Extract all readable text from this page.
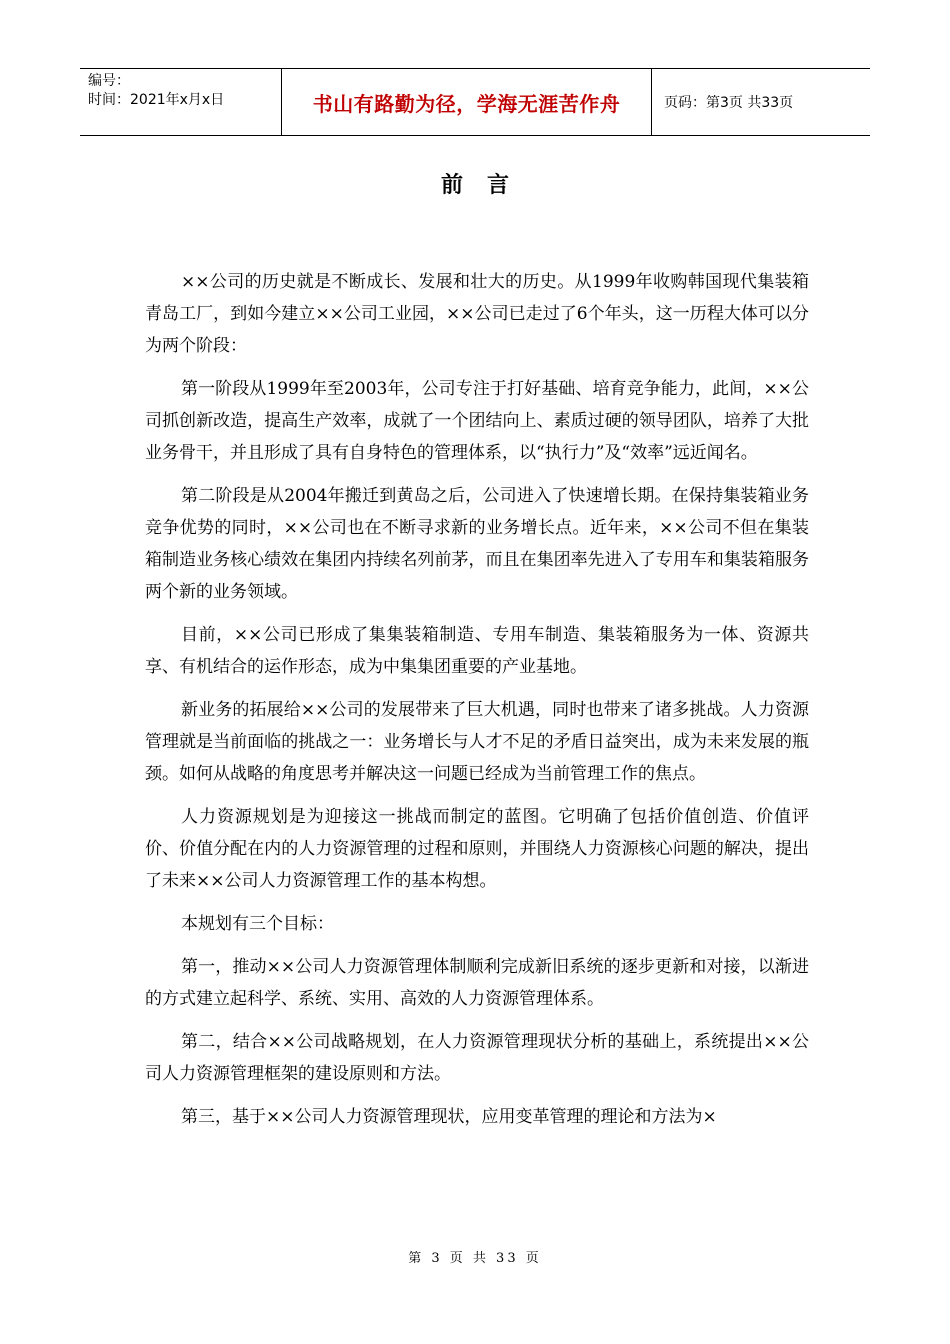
编号：
时间：2021年x月x日	书山有路勤为径，学海无涯苦作舟	页码：第3页 共33页
前言

××公司的历史就是不断成长、发展和壮大的历史。从1999年收购韩国现代集装箱青岛工厂，到如今建立××公司工业园，××公司已走过了6个年头，这一历程大体可以分为两个阶段：

第一阶段从1999年至2003年，公司专注于打好基础、培育竞争能力，此间，××公司抓创新改造，提高生产效率，成就了一个团结向上、素质过硬的领导团队，培养了大批业务骨干，并且形成了具有自身特色的管理体系，以“执行力”及“效率”远近闻名。

第二阶段是从2004年搬迁到黄岛之后，公司进入了快速增长期。在保持集装箱业务竞争优势的同时，××公司也在不断寻求新的业务增长点。近年来，××公司不但在集装箱制造业务核心绩效在集团内持续名列前茅，而且在集团率先进入了专用车和集装箱服务两个新的业务领域。

目前，××公司已形成了集集装箱制造、专用车制造、集装箱服务为一体、资源共享、有机结合的运作形态，成为中集集团重要的产业基地。

新业务的拓展给××公司的发展带来了巨大机遇，同时也带来了诸多挑战。人力资源管理就是当前面临的挑战之一：业务增长与人才不足的矛盾日益突出，成为未来发展的瓶颈。如何从战略的角度思考并解决这一问题已经成为当前管理工作的焦点。

人力资源规划是为迎接这一挑战而制定的蓝图。它明确了包括价值创造、价值评价、价值分配在内的人力资源管理的过程和原则，并围绕人力资源核心问题的解决，提出了未来××公司人力资源管理工作的基本构想。

本规划有三个目标：

第一，推动××公司人力资源管理体制顺利完成新旧系统的逐步更新和对接，以渐进的方式建立起科学、系统、实用、高效的人力资源管理体系。

第二，结合××公司战略规划，在人力资源管理现状分析的基础上，系统提出××公司人力资源管理框架的建设原则和方法。

第三，基于××公司人力资源管理现状，应用变革管理的理论和方法为×

第 3 页 共 33 页
